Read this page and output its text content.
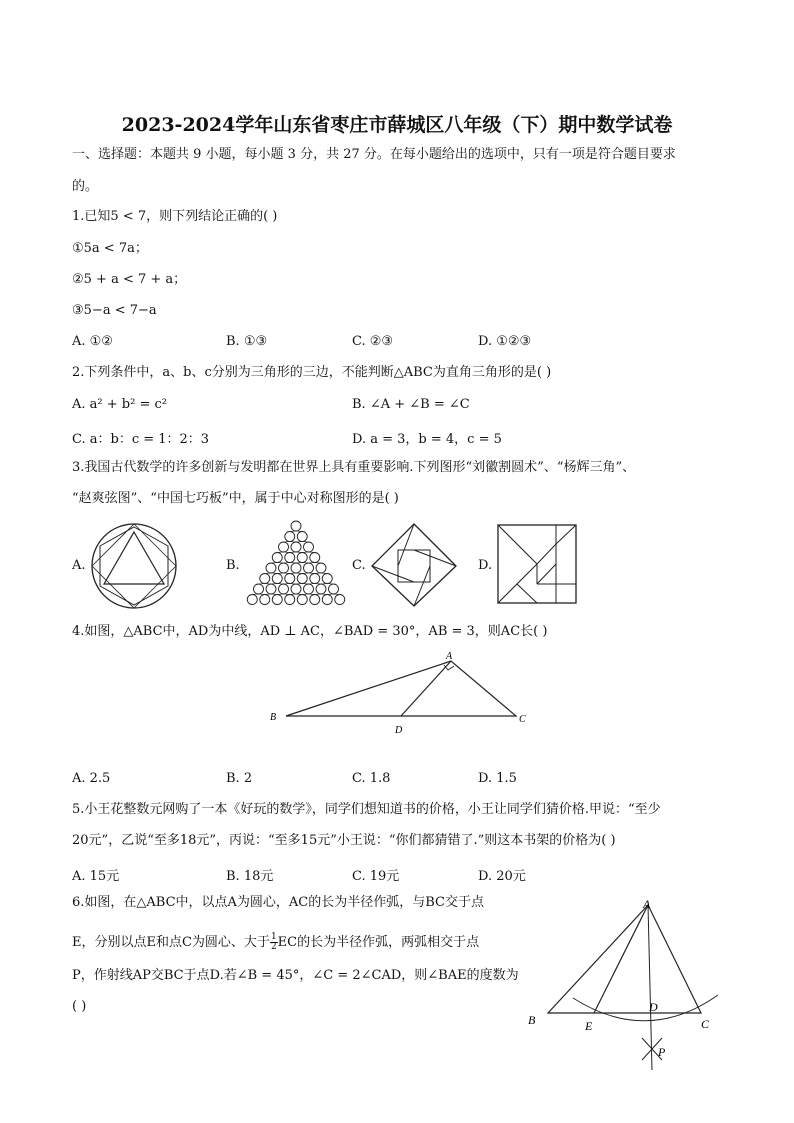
2023-2024学年山东省枣庄市薛城区八年级（下）期中数学试卷
一、选择题：本题共 9 小题，每小题 3 分，共 27 分。在每小题给出的选项中，只有一项是符合题目要求
的。
1.已知5 < 7，则下列结论正确的( )
①5a < 7a；
②5 + a < 7 + a；
③5−a < 7−a
A. ①②	B. ①③	C. ②③	D. ①②③
2.下列条件中，a、b、c分别为三角形的三边，不能判断△ABC为直角三角形的是( )
A. a² + b² = c²	B. ∠A + ∠B = ∠C
C. a：b：c = 1：2：3	D. a = 3，b = 4，c = 5
3.我国古代数学的许多创新与发明都在世界上具有重要影响.下列图形“刘徽割圆术”、“杨辉三角”、
“赵爽弦图”、“中国七巧板”中，属于中心对称图形的是( )
A.	B.	C.	D.
4.如图，△ABC中，AD为中线，AD ⊥ AC，∠BAD = 30°，AB = 3，则AC长( )
A
B
D
C
A. 2.5	B. 2	C. 1.8	D. 1.5
5.小王花整数元网购了一本《好玩的数学》，同学们想知道书的价格，小王让同学们猜价格.甲说：“至少
20元”，乙说“至多18元”，丙说：“至多15元”小王说：“你们都猜错了.”则这本书架的价格为( )
A. 15元	B. 18元	C. 19元	D. 20元
6.如图，在△ABC中，以点A为圆心，AC的长为半径作弧，与BC交于点
E，分别以点E和点C为圆心、大于 $\frac{1}{2}$ EC的长为半径作弧，两弧相交于点
P，作射线AP交BC于点D.若∠B = 45°，∠C = 2∠CAD，则∠BAE的度数为
( )
A
B	E
D
C
P
